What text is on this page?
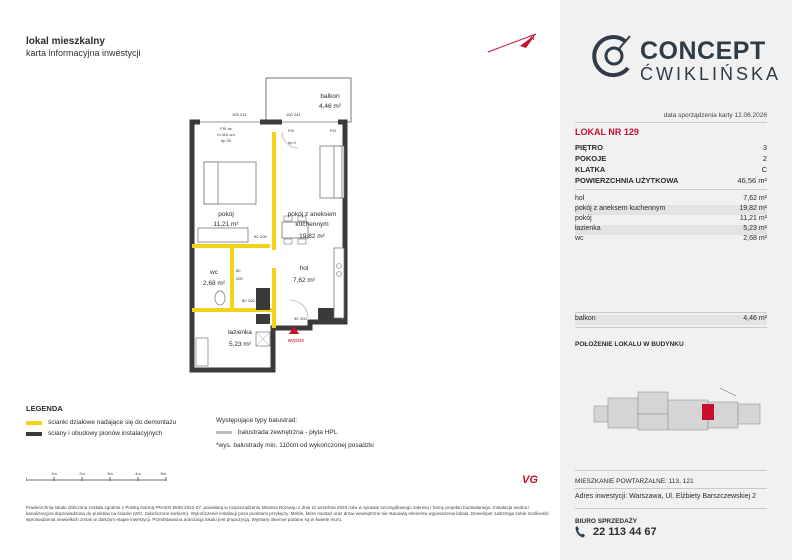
lokal mieszkalny
karta informacyjna inwestycji
N
balkon
4,46 m²
pokój
11,21 m²
pokój z aneksem
kuchennym
19,82 m²
hol
7,62 m²
wc
2,68 m²
łazienka
5,23 m²	wejście
FIX dx
h=110 cm
hp 20
FIX	FIX
hp 0
211
105	241
100
90 200
80
200
80 200
90 200
LEGENDA
ścianki działowe nadające się do demontażu
ściany i obudowy pionów instalacyjnych
Występujące typy balustrad:
balustrada zewnętrzna - płyta HPL
*wys. balustrady min. 110cm od wykończonej posadzki
1m	2m	3m	4m	5m
VG
Powierzchnia lokalu obliczona zostala zgodnie z Polską Normą PN-ISO 9836:2022-07, powołaną w rozporządzeniu Ministra Rozwoju z dnia 11 września 2020 roku w sprawie szczegółowego zakresu i formy projektu budowlanego. Instalacja wodna i kanalizacyjna doprowadzona do punktów na ścianie (WC, zakończone korkiem). Wykończenie instalacji poza punktami przyłączy. Meble, które montaż oraz drzwi wewnętrzne nie stanowią elementu wyposażenia lokalu. Deweloper zastrzega sobie możliwość wprowadzenia niewielkich zmian w dalszym etapie inwestycji. Przedstawiona aranżacja lokalu jest propozycją. Wymiary okienne podane są w świetle muru.
CONCEPT
ĆWIKLIŃSKA
data sporządzenia karty 12.06.2026
LOKAL NR 129
PIĘTRO	3
POKOJE	2
KLATKA	C
POWIERZCHNIA UŻYTKOWA	46,56 m²
hol	7,62 m²
pokój z aneksem kuchennym	19,82 m²
pokój	11,21 m²
łazienka	5,23 m²
wc	2,68 m²
balkon	4,46 m²
POŁOŻENIE LOKALU W BUDYNKU
MIESZKANIE POWTARZALNE: 113, 121
Adres inwestycji: Warszawa, Ul. Elżbiety Barszczewskiej 2
BIURO SPRZEDAŻY
22 113 44 67
